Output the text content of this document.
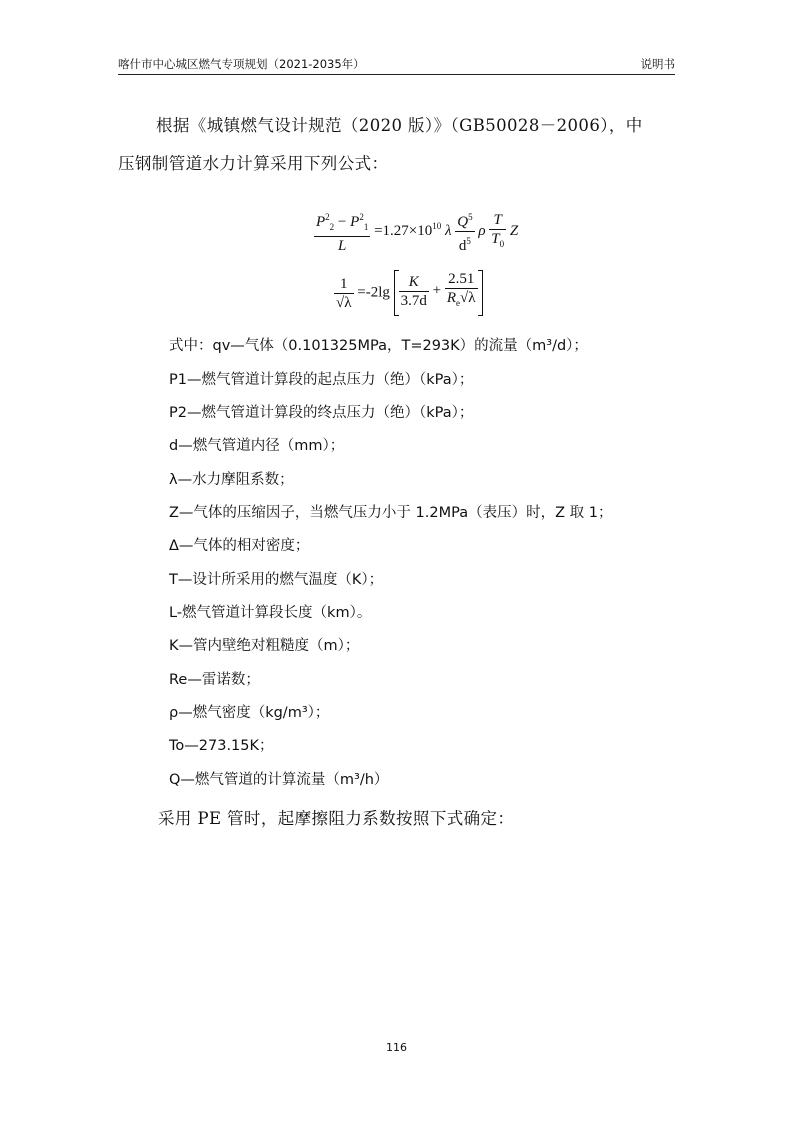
喀什市中心城区燃气专项规划（2021-2035年）	说明书
根据《城镇燃气设计规范（2020 版）》（GB50028－2006），中
压钢制管道水力计算采用下列公式：
$\frac{P^2_2 - P^2_1}{L} =1.27\times 10^{10}$ λ $\frac{Q^5}{d^5}$ ρ $\frac{T}{T_0}$ Z
$\frac{1}{√\lambda} =-2\lg \frac{K}{3.7d} + \frac{2.51}{R_e√\lambda}$
式中：qv—气体（0.101325MPa，T=293K）的流量（m³/d）；
P1—燃气管道计算段的起点压力（绝）（kPa）；
P2—燃气管道计算段的终点压力（绝）（kPa）；
d—燃气管道内径（mm）；
λ—水力摩阻系数；
Z—气体的压缩因子，当燃气压力小于 1.2MPa（表压）时，Z 取 1；
Δ—气体的相对密度；
T—设计所采用的燃气温度（K）；
L-燃气管道计算段长度（km）。
K—管内壁绝对粗糙度（m）；
Re—雷诺数；
ρ—燃气密度（kg/m³）；
To—273.15K；
Q—燃气管道的计算流量（m³/h）
采用 PE 管时，起摩擦阻力系数按照下式确定：
116
